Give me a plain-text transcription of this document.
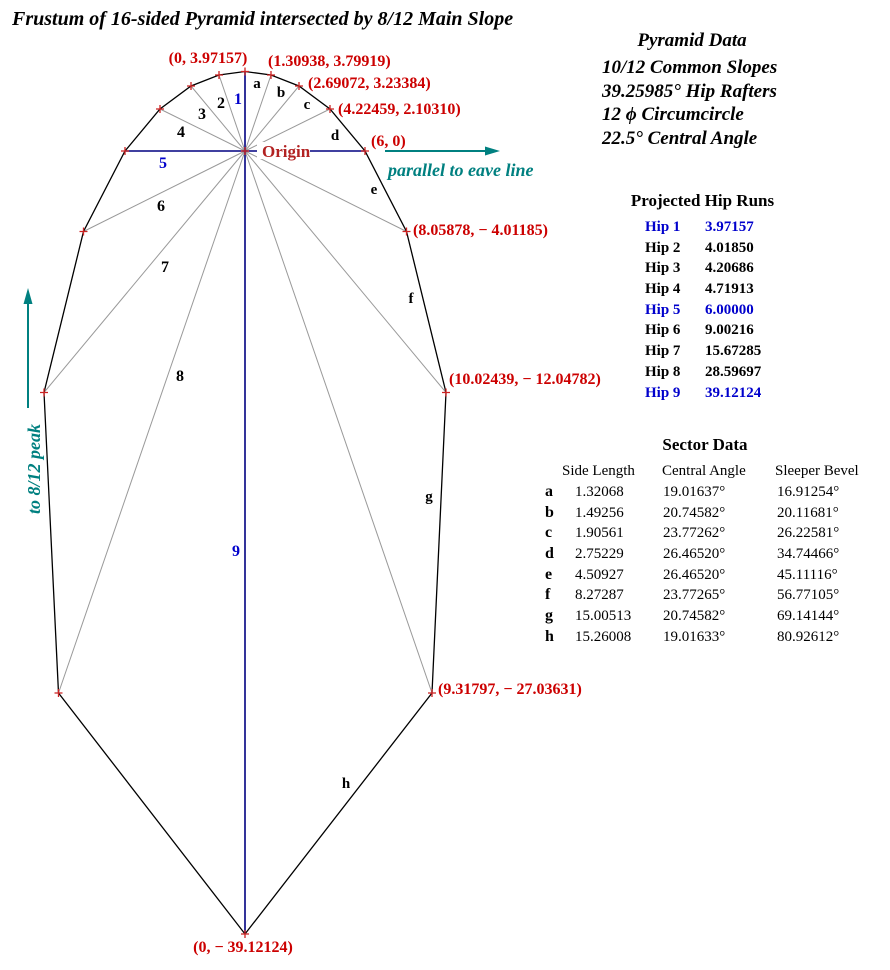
Origin
parallel to eave line
to 8/12 peak
1
2
3
4
5
6
7
8
9
a
b
c
d
e
f
g
h
(0, 3.97157) (1.30938, 3.79919)
(2.69072, 3.23384)
(4.22459, 2.10310)
(6, 0)
(8.05878, − 4.01185)
(10.02439, − 12.04782)
(9.31797, − 27.03631)
(0, − 39.12124)
Frustum of 16-sided Pyramid intersected by 8/12 Main Slope
Pyramid Data
10/12 Common Slopes
39.25985° Hip Rafters
12 ϕ Circumcircle
22.5° Central Angle
Projected Hip Runs
Hip 1 3.97157
Hip 2 4.01850
Hip 3 4.20686
Hip 4 4.71913
Hip 5 6.00000
Hip 6 9.00216
Hip 7 15.67285
Hip 8 28.59697
Hip 9 39.12124
Sector Data
Side Length Central Angle Sleeper Bevel
a 1.32068	19.01637°	16.91254°
b 1.49256	20.74582°	20.11681°
c 1.90561	23.77262°	26.22581°
d 2.75229	26.46520°	34.74466°
e 4.50927	26.46520°	45.11116°
f 8.27287	23.77265°	56.77105°
g 15.00513 20.74582°	69.14144°
h 15.26008 19.01633°	80.92612°
